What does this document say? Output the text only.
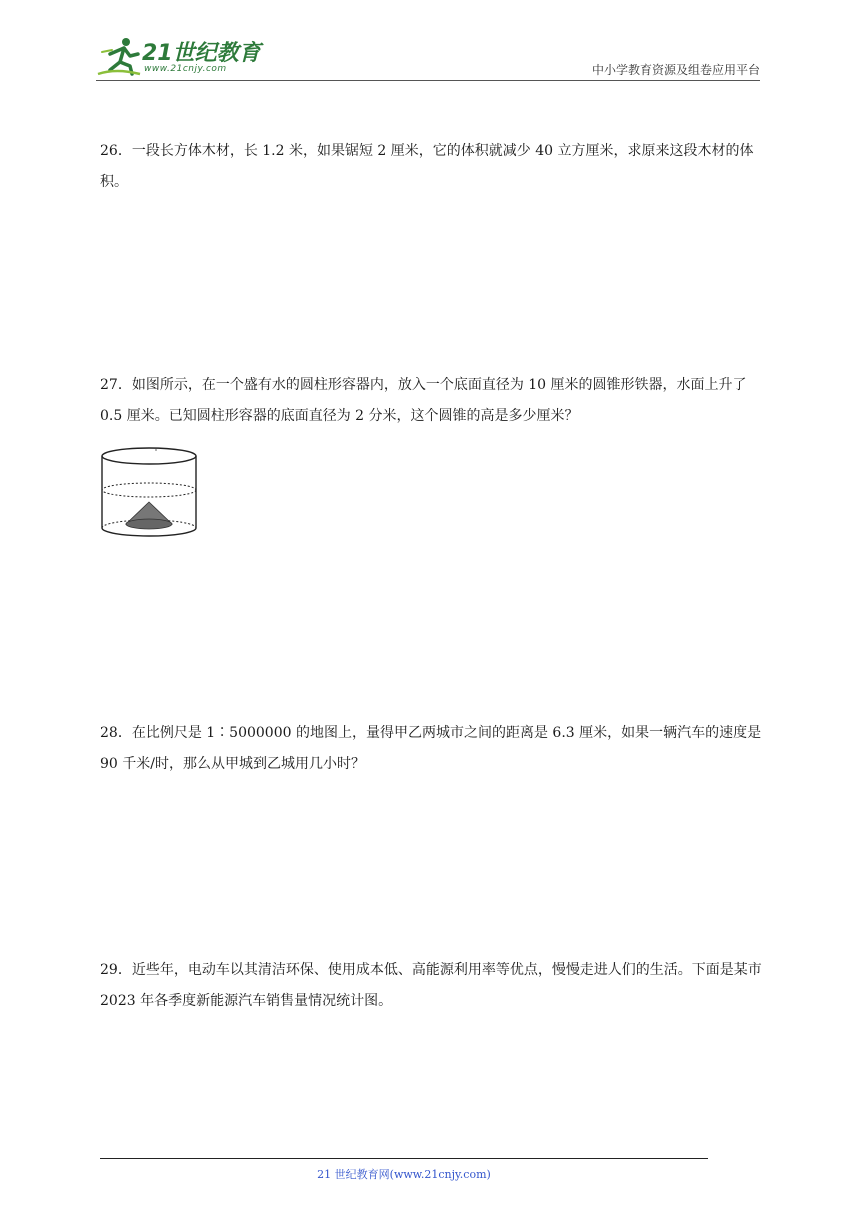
21世纪教育
www.21cnjy.com	中小学教育资源及组卷应用平台
26．一段长方体木材，长 1.2 米，如果锯短 2 厘米，它的体积就减少 40 立方厘米，求原来这段木材的体积。
27．如图所示，在一个盛有水的圆柱形容器内，放入一个底面直径为 10 厘米的圆锥形铁器，水面上升了 0.5 厘米。已知圆柱形容器的底面直径为 2 分米，这个圆锥的高是多少厘米？
28．在比例尺是 1∶5000000 的地图上，量得甲乙两城市之间的距离是 6.3 厘米，如果一辆汽车的速度是 90 千米/时，那么从甲城到乙城用几小时？
29．近些年，电动车以其清洁环保、使用成本低、高能源利用率等优点，慢慢走进人们的生活。下面是某市 2023 年各季度新能源汽车销售量情况统计图。
21 世纪教育网(www.21cnjy.com)
